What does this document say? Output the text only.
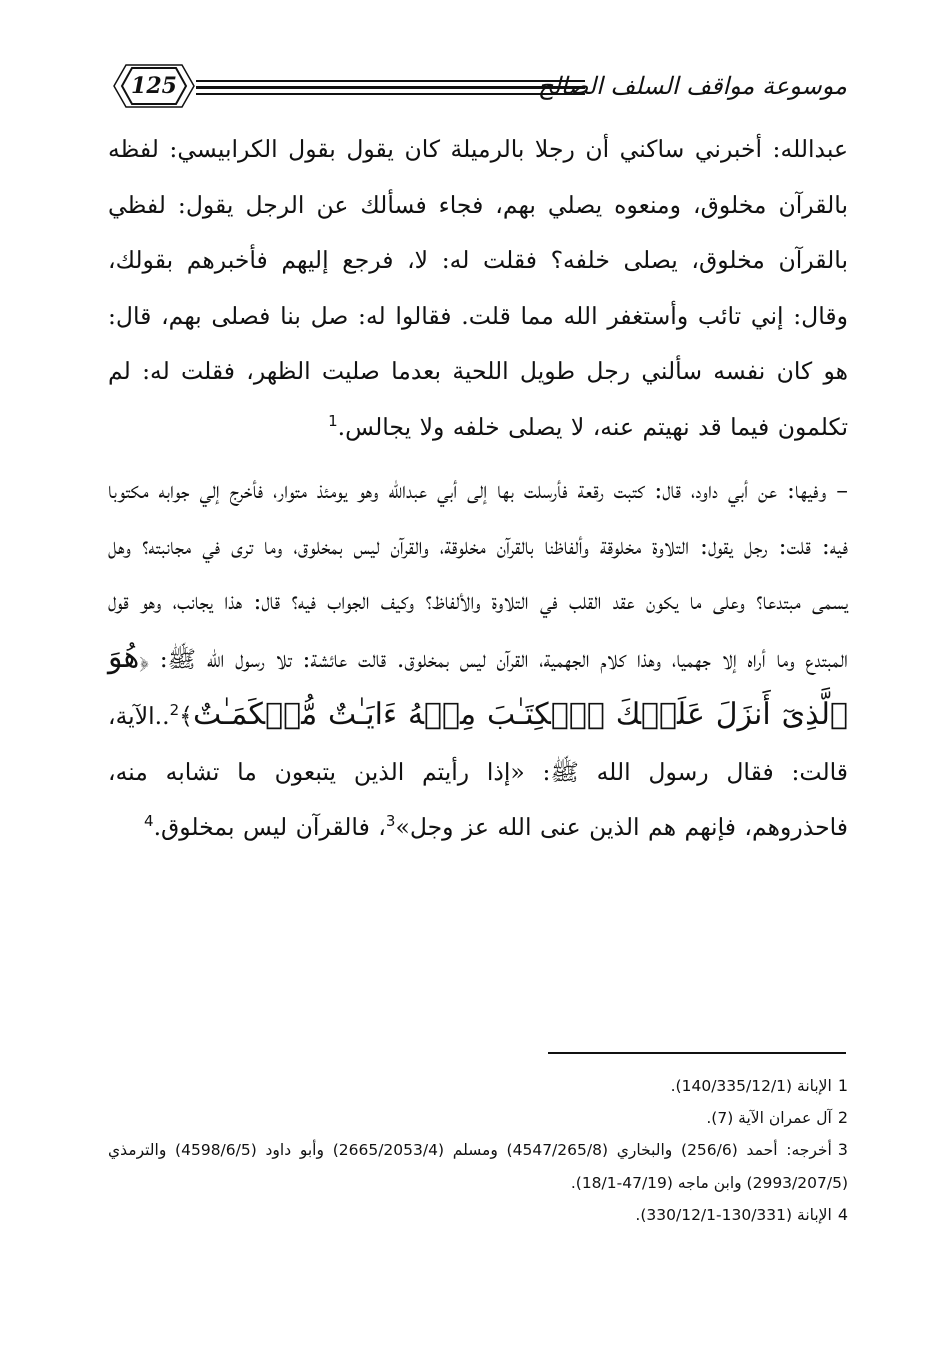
125	موسوعة مواقف السلف الصالح

عبدالله: أخبرني ساكني أن رجلا بالرميلة كان يقول بقول الكرابيسي: لفظه بالقرآن مخلوق، ومنعوه يصلي بهم، فجاء فسألك عن الرجل يقول: لفظي بالقرآن مخلوق، يصلى خلفه؟ فقلت له: لا، فرجع إليهم فأخبرهم بقولك، وقال: إني تائب وأستغفر الله مما قلت. فقالوا له: صل بنا فصلى بهم، قال: هو كان نفسه سألني رجل طويل اللحية بعدما صليت الظهر، فقلت له: لم تكلمون فيما قد نهيتم عنه، لا يصلى خلفه ولا يجالس.$^1$

– وفيها: عن أبي داود، قال: كتبت رقعة فأرسلت بها إلى أبي عبدالله وهو يومئذ متوار، فأخرج إلي جوابه مكتوبا فيه: قلت: رجل يقول: التلاوة مخلوقة وألفاظنا بالقرآن مخلوقة، والقرآن ليس بمخلوق، وما ترى في مجانبته؟ وهل يسمى مبتدعا؟ وعلى ما يكون عقد القلب في التلاوة والألفاظ؟ وكيف الجواب فيه؟ قال: هذا يجانب، وهو قول المبتدع وما أراه إلا جهميا، وهذا كلام الجهمية، القرآن ليس بمخلوق. قالت عائشة: تلا رسول الله ﷺ: ﴿هُوَ ٱلَّذِىٓ أَنزَلَ عَلَيۡكَ ٱلۡكِتَـٰبَ مِنۡهُ ءَايَـٰتٌ مُّحۡكَمَـٰتٌ﴾$^2$..الآية، قالت: فقال رسول الله ﷺ: «إذا رأيتم الذين يتبعون ما تشابه منه، فاحذروهم، فإنهم هم الذين عنى الله عز وجل»$^3$، فالقرآن ليس بمخلوق.$^4$

1الإبانة (140/335/12/1).

2آل عمران الآية (7).

3أخرجه: أحمد (256/6) والبخاري (4547/265/8) ومسلم (2665/2053/4) وأبو داود (4598/6/5) والترمذي (2993/207/5) وابن ماجه (47/19-18/1).

4الإبانة (130/331-330/12/1).
